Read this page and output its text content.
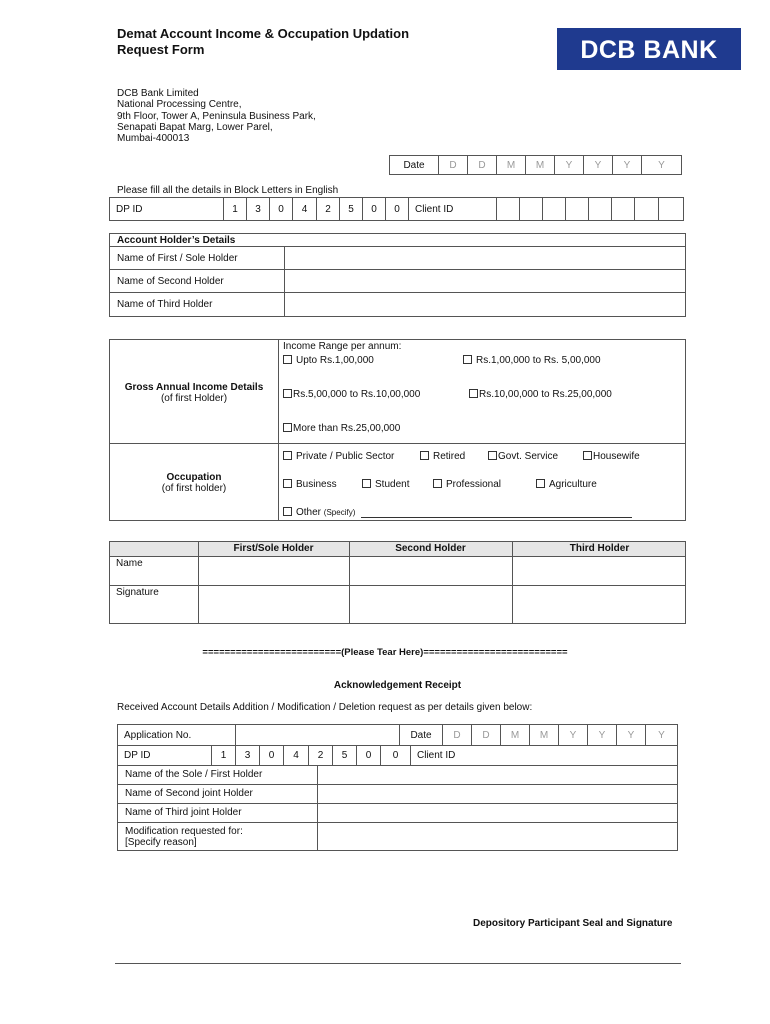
Demat Account Income & Occupation Updation
Request Form	DCB BANK
DCB Bank Limited
National Processing Centre,
9th Floor, Tower A, Peninsula Business Park,
Senapati Bapat Marg, Lower Parel,
Mumbai-400013
Date	D	D	M	M	Y	Y	Y	Y
Please fill all the details in Block Letters in English
DP ID	1	3	0	4	2	5	0	0	Client ID
Account Holder’s Details
Name of First / Sole Holder
Name of Second Holder
Name of Third Holder
Gross Annual Income Details
(of first Holder)
Income Range per annum:
Upto Rs.1,00,000	Rs.1,00,000 to Rs. 5,00,000
Rs.5,00,000 to Rs.10,00,000	Rs.10,00,000 to Rs.25,00,000
More than Rs.25,00,000
Occupation
(of first holder)
Private / Public Sector	Retired	Govt. Service	Housewife
Business	Student	Professional	Agriculture
Other (Specify)
First/Sole Holder	Second Holder	Third Holder
Name
Signature
=========================(Please Tear Here)==========================
Acknowledgement Receipt
Received Account Details Addition / Modification / Deletion request as per details given below:
Application No.	Date	D	D	M	M	Y	Y	Y	Y
DP ID	1	3	0	4	2	5	0	0	Client ID
Name of the Sole / First Holder
Name of Second joint Holder
Name of Third joint Holder
Modification requested for:
[Specify reason]
Depository Participant Seal and Signature
